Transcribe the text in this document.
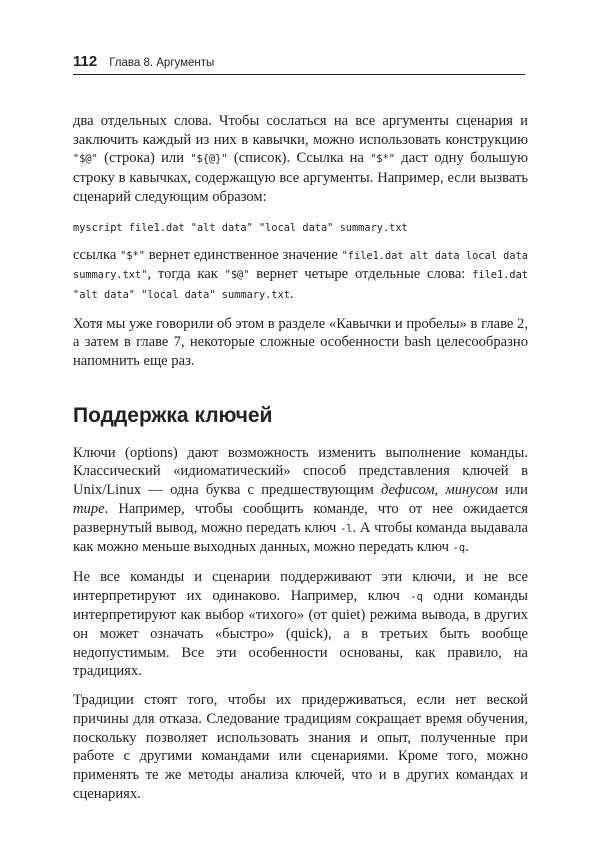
112	Глава 8. Аргументы

два отдельных слова. Чтобы сослаться на все аргументы сценария и заключить каждый из них в кавычки, можно использовать конструкцию "$@" (строка) или "${@}" (список). Ссылка на "$*" даст одну большую строку в кавычках, содержащую все аргументы. Например, если вызвать сценарий следующим образом:

myscript file1.dat "alt data" "local data" summary.txt

ссылка "$*" вернет единственное значение "file1.dat alt data local data summary.txt", тогда как "$@" вернет четыре отдельные слова: file1.dat "alt data" "local data" summary.txt.

Хотя мы уже говорили об этом в разделе «Кавычки и пробелы» в главе 2, а затем в главе 7, некоторые сложные особенности bash целесообразно напомнить еще раз.

Поддержка ключей

Ключи (options) дают возможность изменить выполнение команды. Классический «идиоматический» способ представления ключей в Unix/Linux — одна буква с предшествующим дефисом, минусом или тире. Например, чтобы сообщить команде, что от нее ожидается развернутый вывод, можно передать ключ -l. А чтобы команда выдавала как можно меньше выходных данных, можно передать ключ -q.

Не все команды и сценарии поддерживают эти ключи, и не все интерпретируют их одинаково. Например, ключ -q одни команды интерпретируют как выбор «тихого» (от quiet) режима вывода, в других он может означать «быстро» (quick), а в третьих быть вообще недопустимым. Все эти особенности основаны, как правило, на традициях.

Традиции стоят того, чтобы их придерживаться, если нет веской причины для отказа. Следование традициям сокращает время обучения, поскольку позволяет использовать знания и опыт, полученные при работе с другими командами или сценариями. Кроме того, можно применять те же методы анализа ключей, что и в других командах и сценариях.
